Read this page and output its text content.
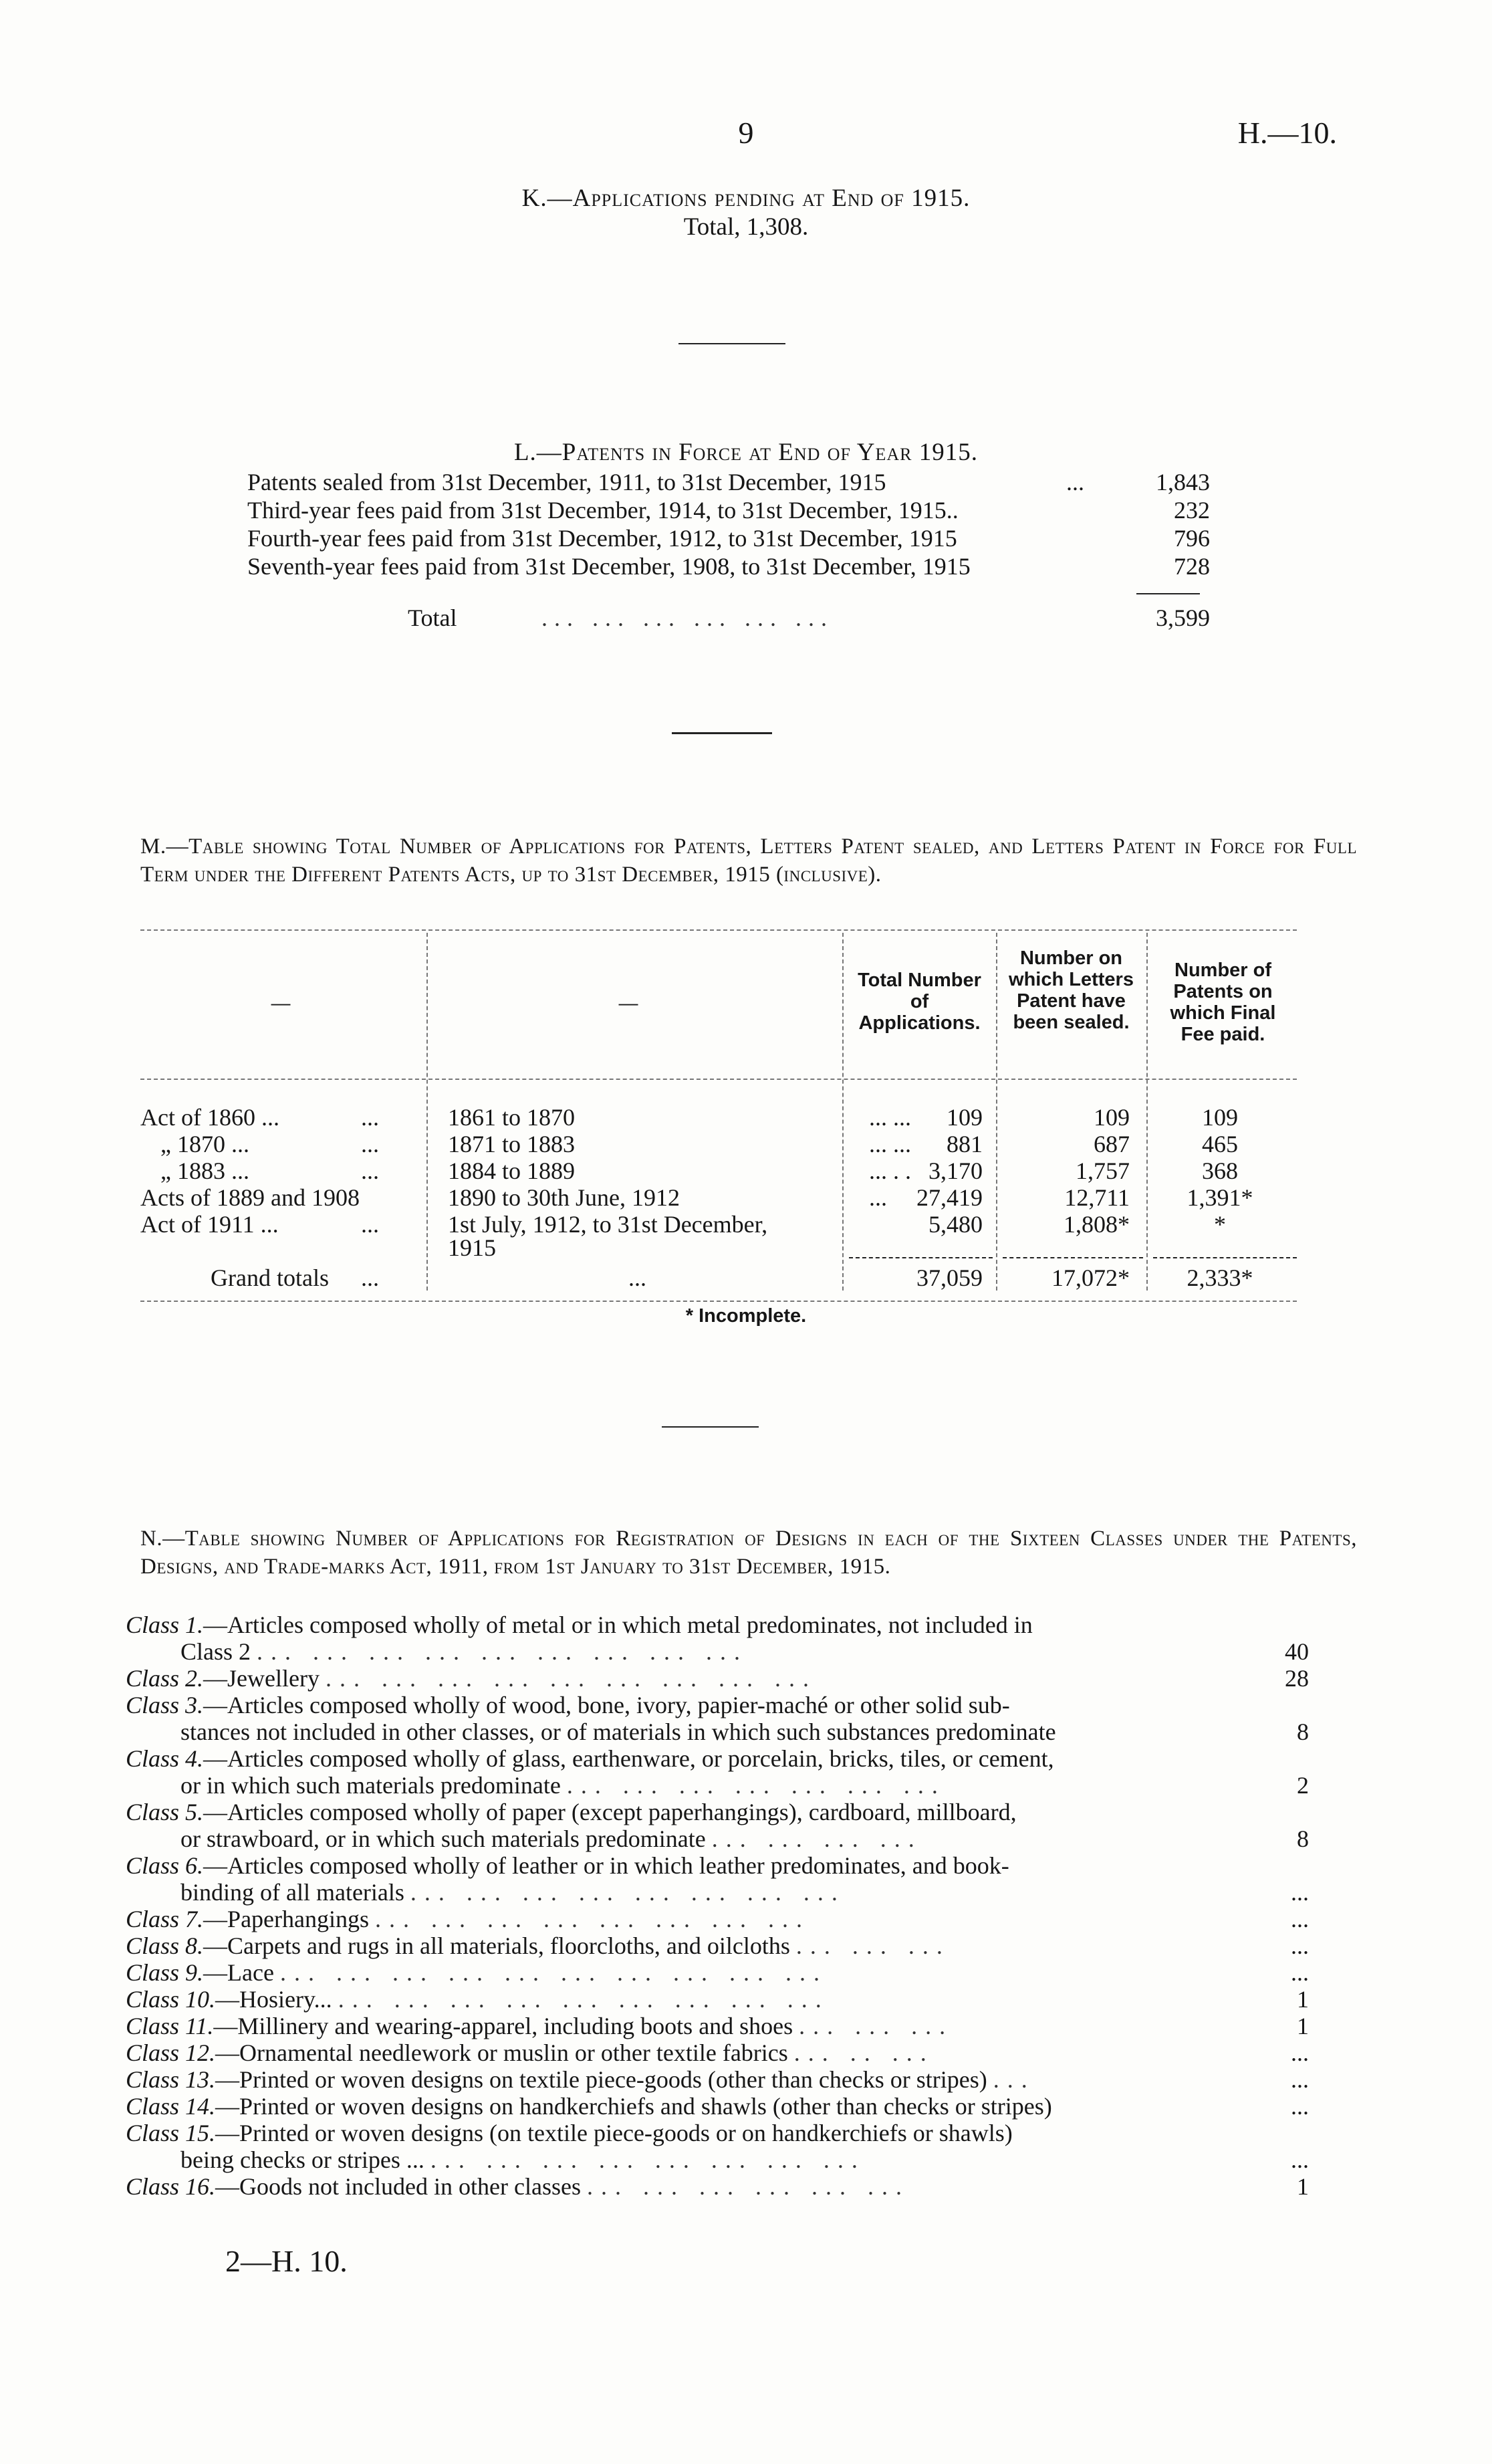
9	H.—10.
K.—Applications pending at End of 1915.
Total, 1,308.
L.—Patents in Force at End of Year 1915.
Patents sealed from 31st December, 1911, to 31st December, 1915	...	1,843
Third-year fees paid from 31st December, 1914, to 31st December, 1915..	232
Fourth-year fees paid from 31st December, 1912, to 31st December, 1915	796
Seventh-year fees paid from 31st December, 1908, to 31st December, 1915	728
Total	... ... ... ... ... ...	3,599
M.—Table showing Total Number of Applications for Patents, Letters Patent sealed, and Letters Patent in Force for Full Term under the Different Patents Acts, up to 31st December, 1915 (inclusive).
—	—
Total Number of Applications.
Number on which Letters Patent have been sealed.
Number of Patents on which Final Fee paid.
Act of 1860 ...	...	1861 to 1870	... ... 109	109	109
„ 1870 ...	...	1871 to 1883	... ... 881	687	465
„ 1883 ...	...	1884 to 1889	... . . 3,170	1,757	368
Acts of 1889 and 1908	1890 to 30th June, 1912	... 27,419	12,711	1,391*
Act of 1911 ...	...	1st July, 1912, to 31st December,	5,480	1,808*	*
1915
Grand totals ...	...	37,059	17,072*	2,333*
* Incomplete.
N.—Table showing Number of Applications for Registration of Designs in each of the Sixteen Classes under the Patents, Designs, and Trade-marks Act, 1911, from 1st January to 31st December, 1915.
Class 1.—Articles composed wholly of metal or in which metal predominates, not included in
Class 2 ... ... ... ... ... ... ... ... ...	40
Class 2.—Jewellery ... ... ... ... ... ... ... ... ...	28
Class 3.—Articles composed wholly of wood, bone, ivory, papier-maché or other solid sub-
stances not included in other classes, or of materials in which such substances predominate	8
Class 4.—Articles composed wholly of glass, earthenware, or porcelain, bricks, tiles, or cement,
or in which such materials predominate ... ... ... ... ... ... ...	2
Class 5.—Articles composed wholly of paper (except paperhangings), cardboard, millboard,
or strawboard, or in which such materials predominate ... ... ... ...	8
Class 6.—Articles composed wholly of leather or in which leather predominates, and book-
binding of all materials ... ... ... ... ... ... ... ...	...
Class 7.—Paperhangings ... ... ... ... ... ... ... ...	...
Class 8.—Carpets and rugs in all materials, floorcloths, and oilcloths ... ... ...	...
Class 9.—Lace ... ... ... ... ... ... ... ... ... ...	...
Class 10.—Hosiery... ... ... ... ... ... ... ... ... ...	1
Class 11.—Millinery and wearing-apparel, including boots and shoes ... ... ...	1
Class 12.—Ornamental needlework or muslin or other textile fabrics ... .. ...	...
Class 13.—Printed or woven designs on textile piece-goods (other than checks or stripes) ...	...
Class 14.—Printed or woven designs on handkerchiefs and shawls (other than checks or stripes)	...
Class 15.—Printed or woven designs (on textile piece-goods or on handkerchiefs or shawls)
being checks or stripes ... ... ... ... ... ... ... ... ...	...
Class 16.—Goods not included in other classes ... ... ... ... ... ...	1
2—H. 10.
